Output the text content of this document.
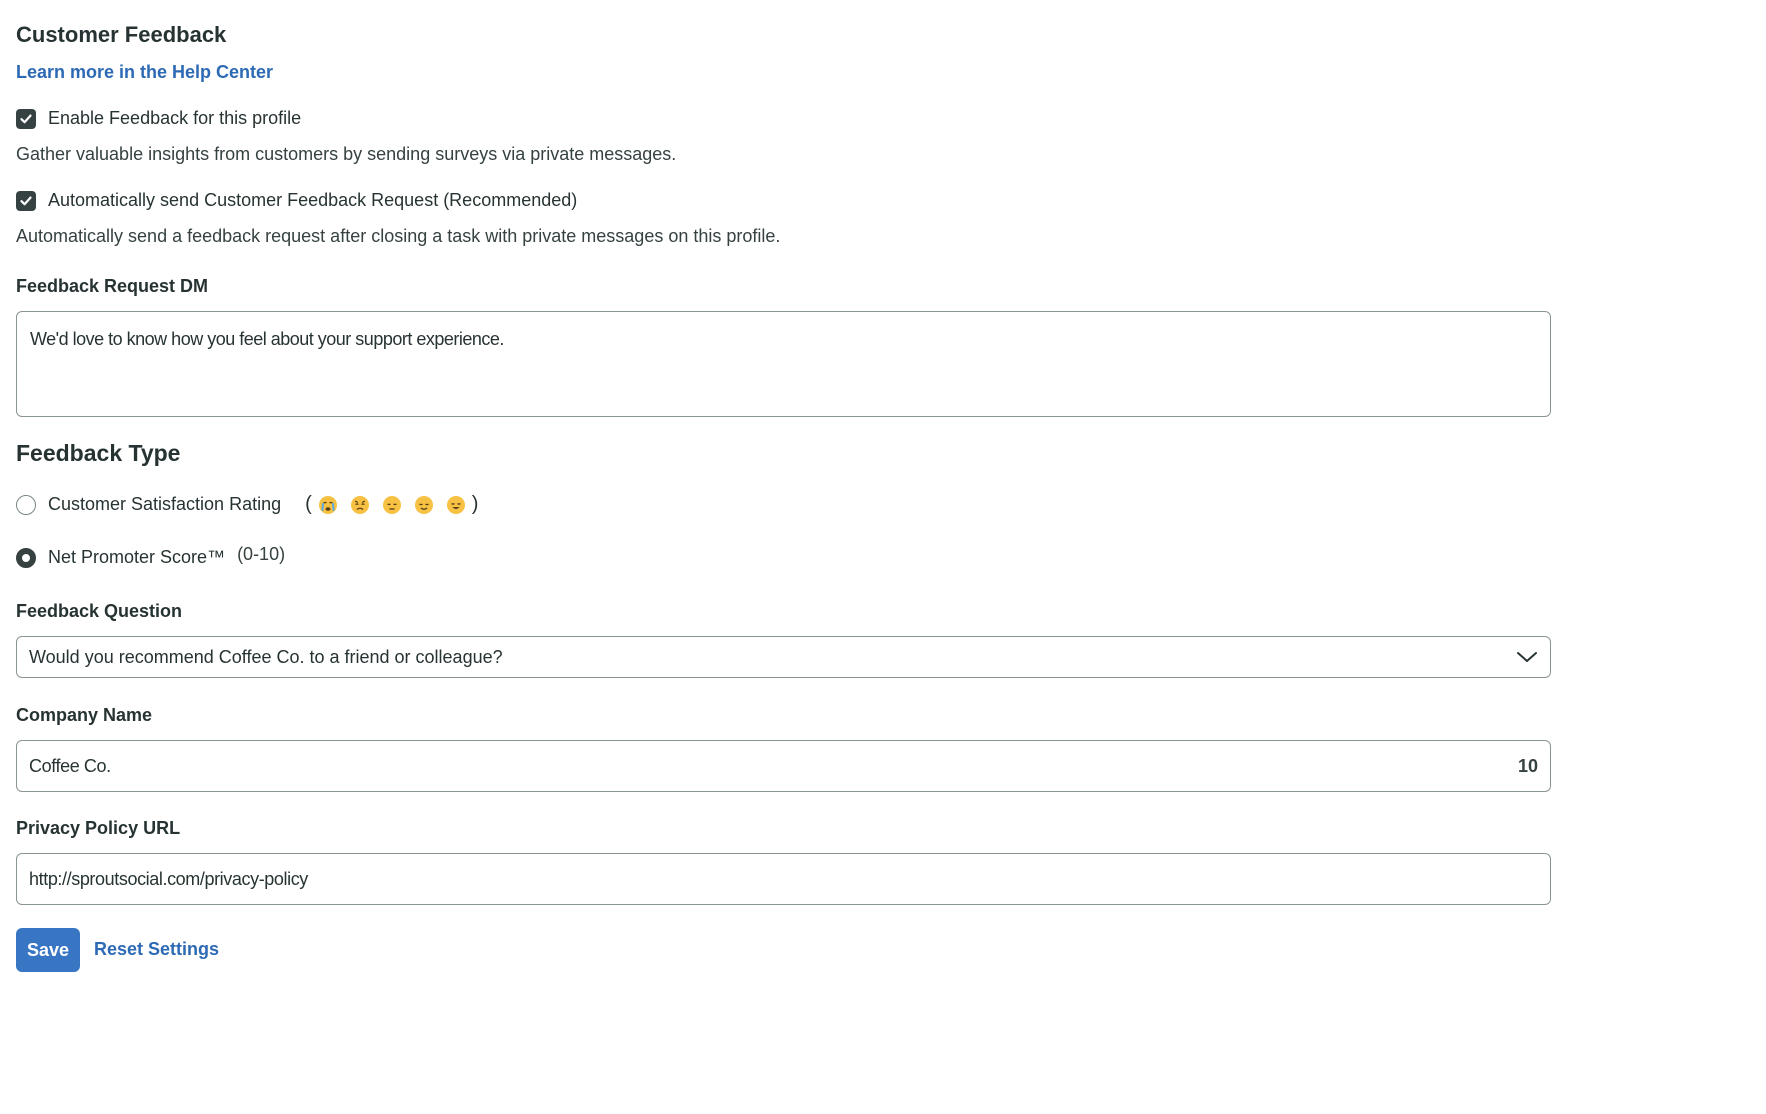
Customer Feedback
Learn more in the Help Center
Enable Feedback for this profile
Gather valuable insights from customers by sending surveys via private messages.
Automatically send Customer Feedback Request (Recommended)
Automatically send a feedback request after closing a task with private messages on this profile.
Feedback Request DM
We'd love to know how you feel about your support experience.
Feedback Type
Customer Satisfaction Rating (	)
Net Promoter Score™ (0-10)
Feedback Question
Would you recommend Coffee Co. to a friend or colleague?
Company Name
Coffee Co.	10
Privacy Policy URL
http://sproutsocial.com/privacy-policy
Save	Reset Settings
